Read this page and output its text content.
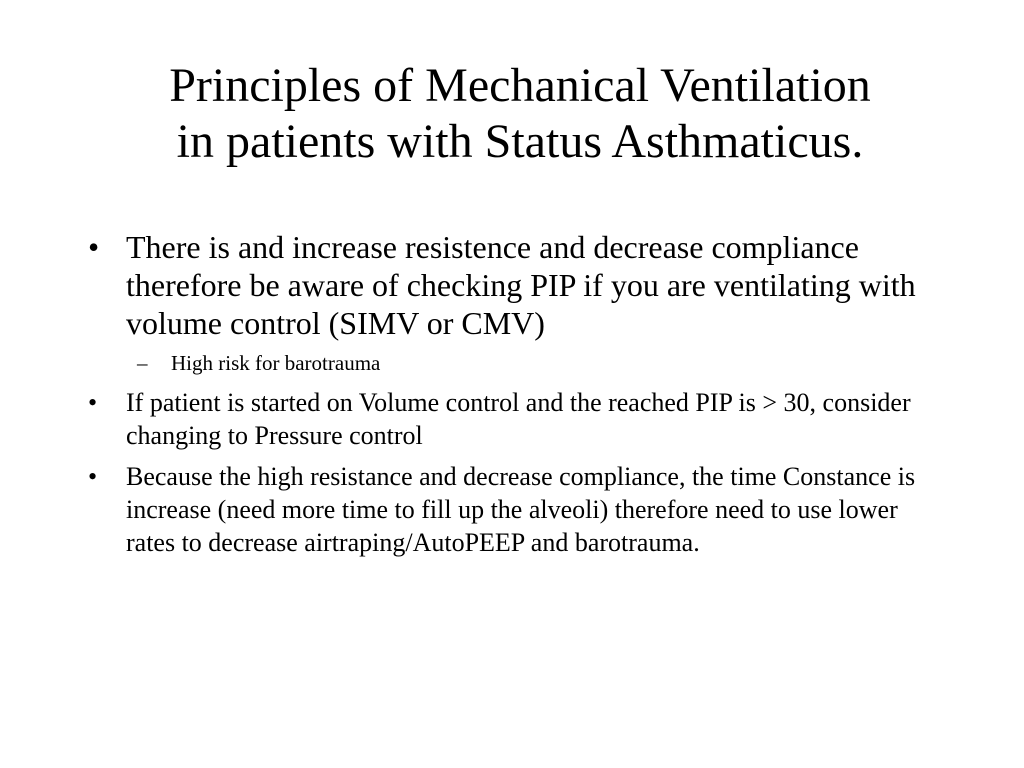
Principles of Mechanical Ventilation
in patients with Status Asthmaticus.
• There is and increase resistence and decrease compliance therefore be aware of checking PIP if you are ventilating with volume control (SIMV or CMV)
– High risk for barotrauma
• If patient is started on Volume control and the reached PIP is > 30, consider changing to Pressure control
• Because the high resistance and decrease compliance, the time Constance is increase (need more time to fill up the alveoli) therefore need to use lower rates to decrease airtraping/AutoPEEP and barotrauma.
